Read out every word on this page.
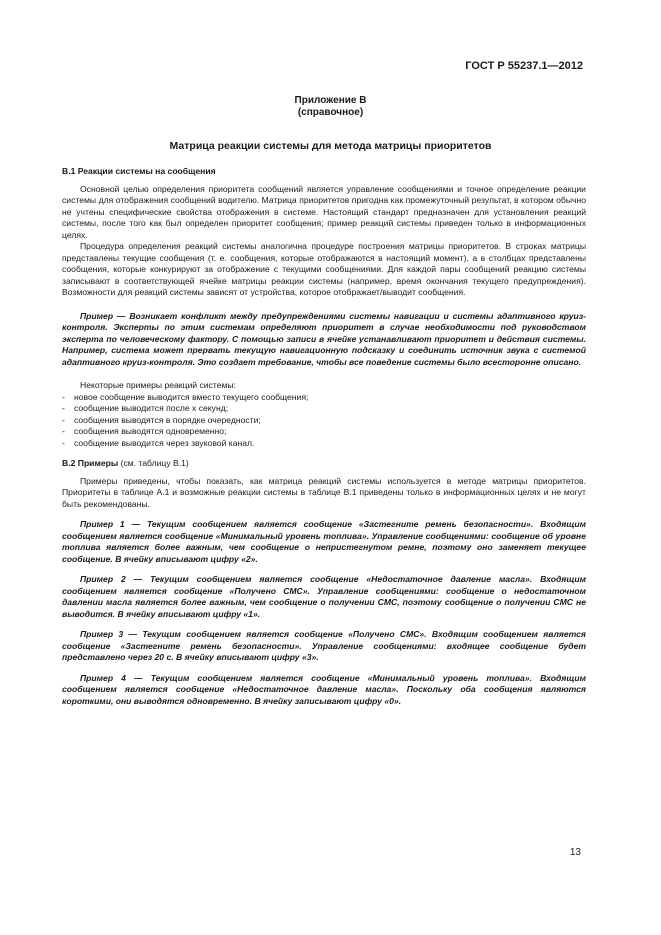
ГОСТ Р 55237.1—2012
Приложение В
(справочное)
Матрица реакции системы для метода матрицы приоритетов

В.1 Реакции системы на сообщения

Основной целью определения приоритета сообщений является управление сообщениями и точное определение реакции системы для отображения сообщений водителю. Матрица приоритетов пригодна как промежуточный результат, в котором обычно не учтены специфические свойства отображения в системе. Настоящий стандарт предназначен для установления реакций системы, после того как был определен приоритет сообщения; пример реакций системы приведен только в информационных целях.

Процедура определения реакций системы аналогична процедуре построения матрицы приоритетов. В строках матрицы представлены текущие сообщения (т. е. сообщения, которые отображаются в настоящий момент), а в столбцах представлены сообщения, которые конкурируют за отображение с текущими сообщениями. Для каждой пары сообщений реакцию системы записывают в соответствующей ячейке матрицы реакции системы (например, время окончания текущего предупреждения). Возможности для реакций системы зависят от устройства, которое отображает/выводит сообщения.

Пример — Возникает конфликт между предупреждениями системы навигации и системы адаптивного круиз-контроля. Эксперты по этим системам определяют приоритет в случае необходимости под руководством эксперта по человеческому фактору. С помощью записи в ячейке устанавливают приоритет и действия системы. Например, система может прервать текущую навигационную подсказку и соединить источник звука с системой адаптивного круиз-контроля. Это создает требование, чтобы все поведение системы было всесторонне описано.

Некоторые примеры реакций системы:

- новое сообщение выводится вместо текущего сообщения;
- сообщение выводится после x секунд;
- сообщения выводятся в порядке очередности;
- сообщения выводятся одновременно;
- сообщение выводится через звуковой канал.

В.2 Примеры (см. таблицу В.1)

Примеры приведены, чтобы показать, как матрица реакций системы используется в методе матрицы приоритетов. Приоритеты в таблице А.1 и возможные реакции системы в таблице В.1 приведены только в информационных целях и не могут быть рекомендованы.

Пример 1 — Текущим сообщением является сообщение «Застегните ремень безопасности». Входящим сообщением является сообщение «Минимальный уровень топлива». Управление сообщениями: сообщение об уровне топлива является более важным, чем сообщение о непристегнутом ремне, поэтому оно заменяет текущее сообщение. В ячейку вписывают цифру «2».

Пример 2 — Текущим сообщением является сообщение «Недостаточное давление масла». Входящим сообщением является сообщение «Получено СМС». Управление сообщениями: сообщение о недостаточном давлении масла является более важным, чем сообщение о получении СМС, поэтому сообщение о получении СМС не выводится. В ячейку вписывают цифру «1».

Пример 3 — Текущим сообщением является сообщение «Получено СМС». Входящим сообщением является сообщение «Застегните ремень безопасности». Управление сообщениями: входящее сообщение будет представлено через 20 с. В ячейку вписывают цифру «3».

Пример 4 — Текущим сообщением является сообщение «Минимальный уровень топлива». Входящим сообщением является сообщение «Недостаточное давление масла». Поскольку оба сообщения являются короткими, они выводятся одновременно. В ячейку записывают цифру «0».

13
